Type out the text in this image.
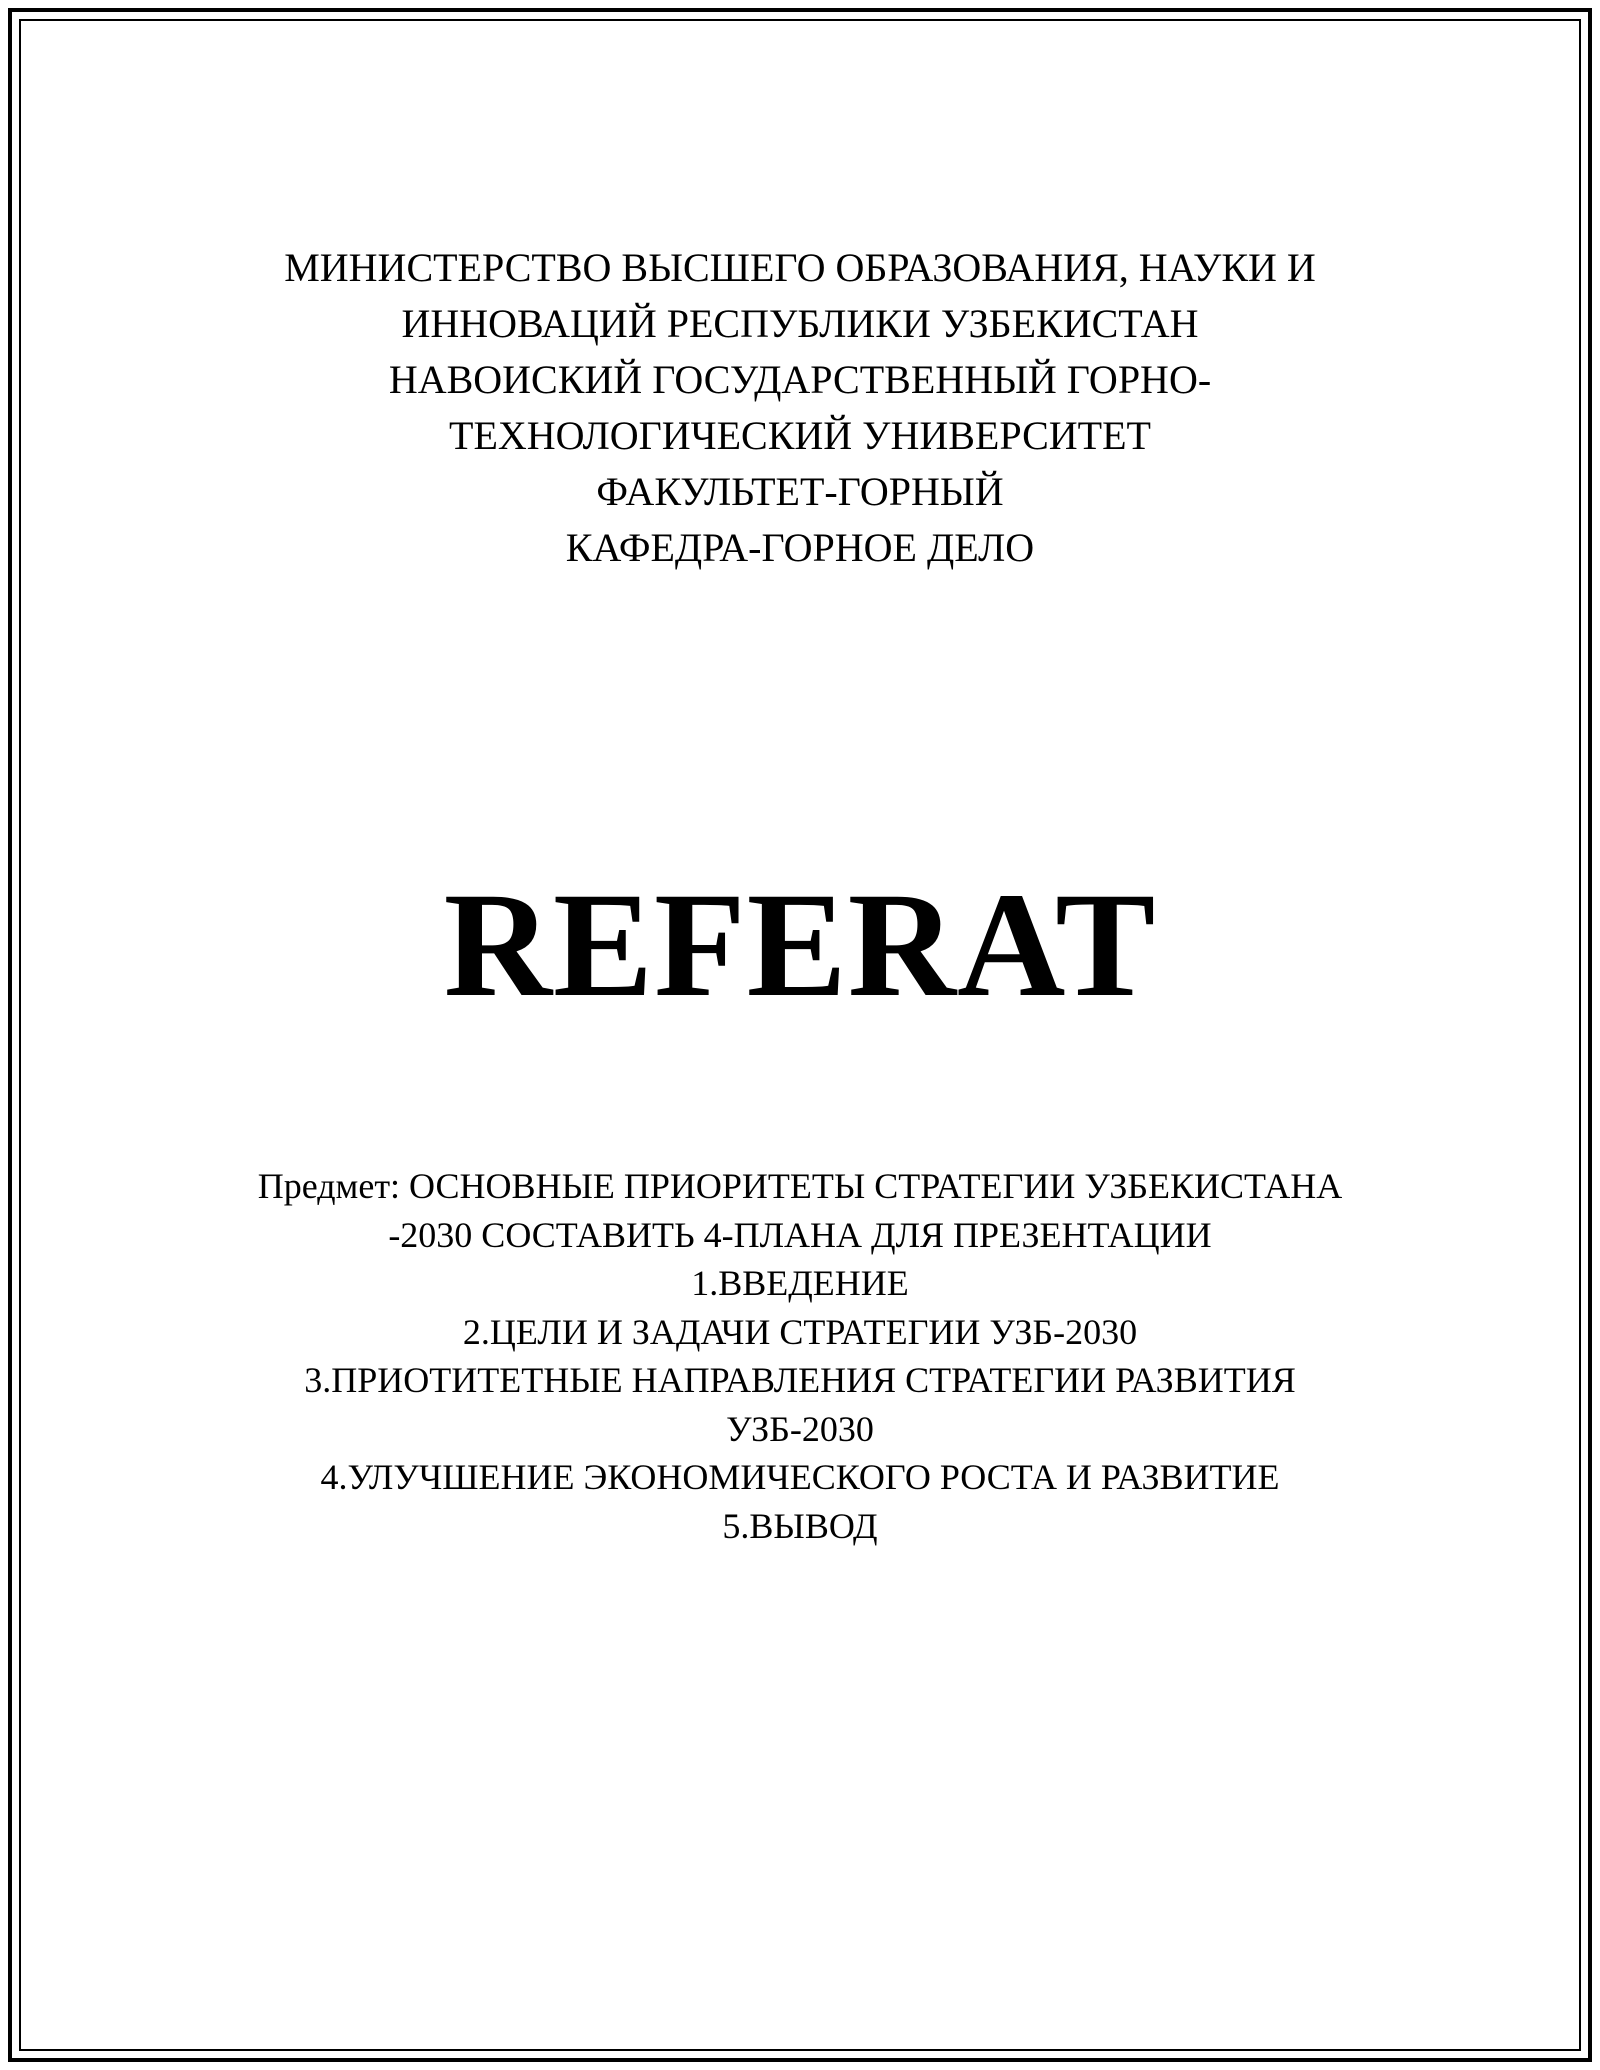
МИНИСТЕРСТВО ВЫСШЕГО ОБРАЗОВАНИЯ, НАУКИ И
ИННОВАЦИЙ РЕСПУБЛИКИ УЗБЕКИСТАН
НАВОИСКИЙ ГОСУДАРСТВЕННЫЙ ГОРНО-
ТЕХНОЛОГИЧЕСКИЙ УНИВЕРСИТЕТ
ФАКУЛЬТЕТ-ГОРНЫЙ
КАФЕДРА-ГОРНОЕ ДЕЛО
REFERAT
Предмет: ОСНОВНЫЕ ПРИОРИТЕТЫ СТРАТЕГИИ УЗБЕКИСТАНА
-2030 СОСТАВИТЬ 4-ПЛАНА ДЛЯ ПРЕЗЕНТАЦИИ
1.ВВЕДЕНИЕ
2.ЦЕЛИ И ЗАДАЧИ СТРАТЕГИИ УЗБ-2030
3.ПРИОТИТЕТНЫЕ НАПРАВЛЕНИЯ СТРАТЕГИИ РАЗВИТИЯ
УЗБ-2030
4.УЛУЧШЕНИЕ ЭКОНОМИЧЕСКОГО РОСТА И РАЗВИТИЕ
5.ВЫВОД
